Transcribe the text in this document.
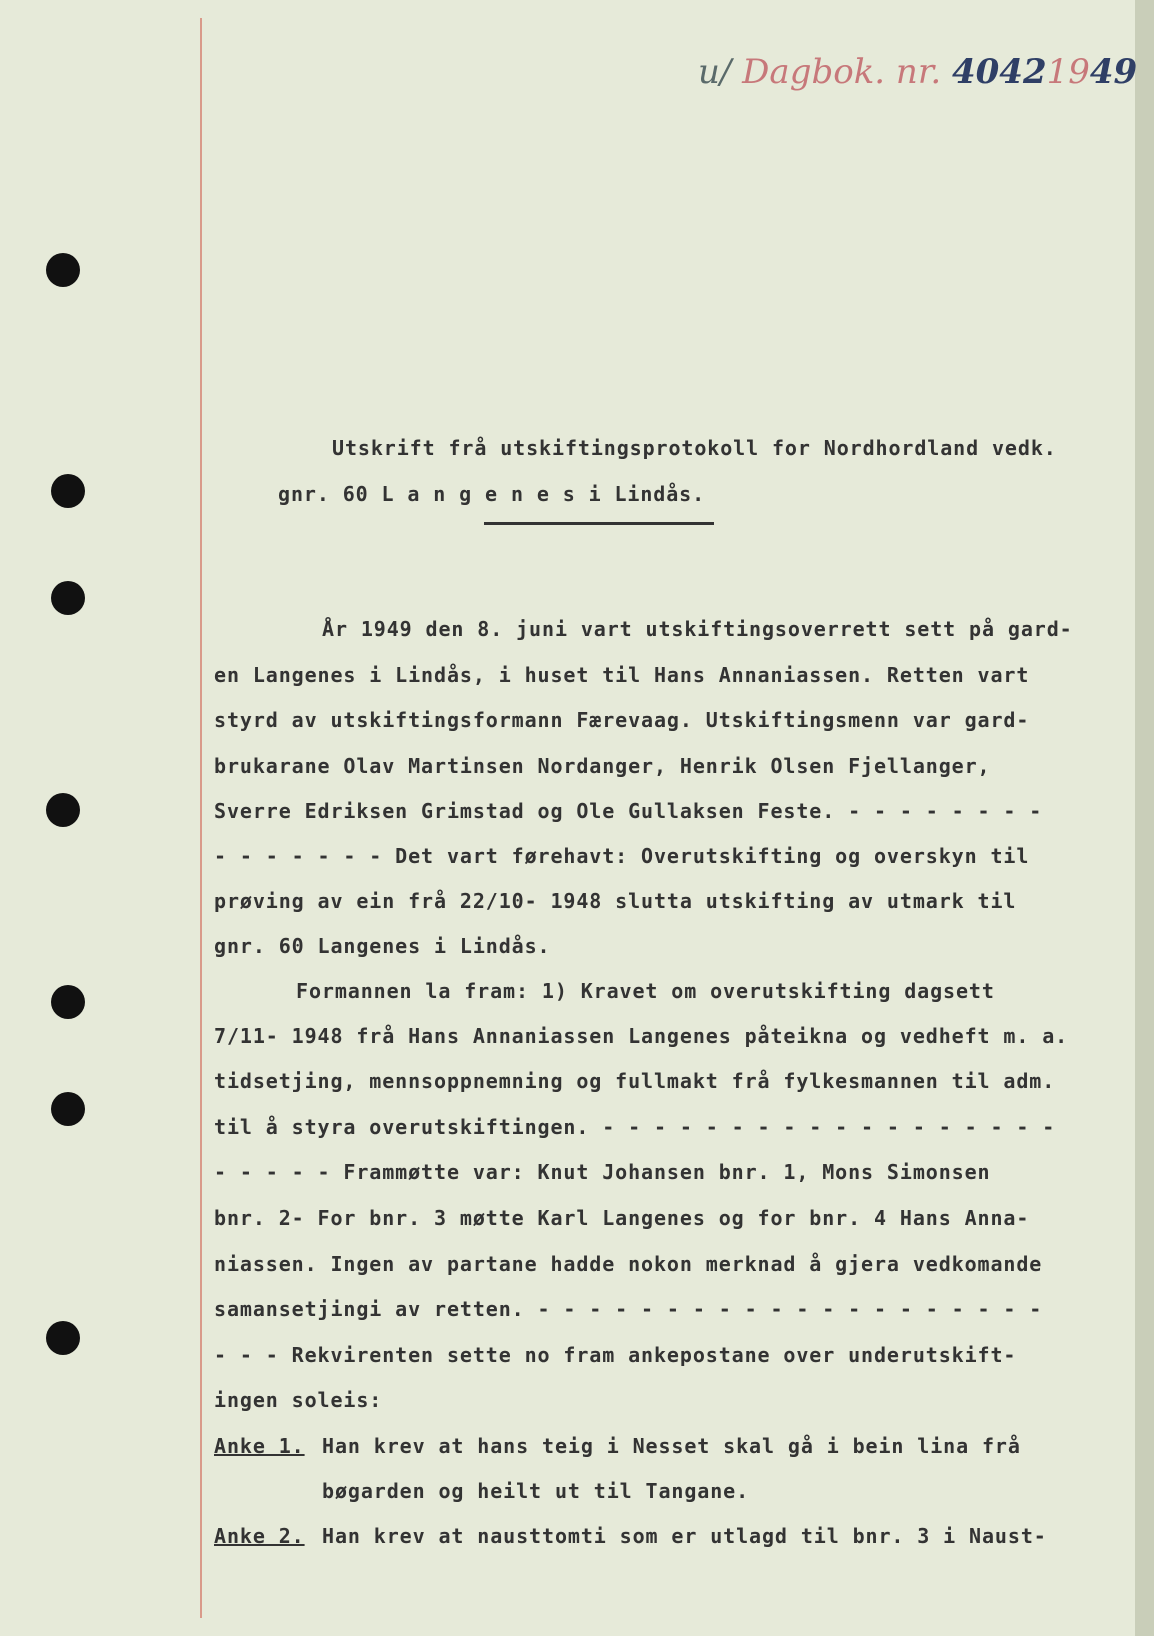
u/ Dagbok. nr. 40421949
Utskrift frå utskiftingsprotokoll for Nordhordland vedk.
gnr. 60 L a n g e n e s i Lindås.
År 1949 den 8. juni vart utskiftingsoverrett sett på gard-
en Langenes i Lindås, i huset til Hans Annaniassen. Retten vart
styrd av utskiftingsformann Færevaag. Utskiftingsmenn var gard-
brukarane Olav Martinsen Nordanger, Henrik Olsen Fjellanger,
Sverre Edriksen Grimstad og Ole Gullaksen Feste. - - - - - - - -
- - - - - - - Det vart førehavt: Overutskifting og overskyn til
prøving av ein frå 22/10- 1948 slutta utskifting av utmark til
gnr. 60 Langenes i Lindås.
Formannen la fram: 1) Kravet om overutskifting dagsett
7/11- 1948 frå Hans Annaniassen Langenes påteikna og vedheft m. a.
tidsetjing, mennsoppnemning og fullmakt frå fylkesmannen til adm.
til å styra overutskiftingen. - - - - - - - - - - - - - - - - - -
- - - - - Frammøtte var: Knut Johansen bnr. 1, Mons Simonsen
bnr. 2- For bnr. 3 møtte Karl Langenes og for bnr. 4 Hans Anna-
niassen. Ingen av partane hadde nokon merknad å gjera vedkomande
samansetjingi av retten. - - - - - - - - - - - - - - - - - - - -
- - - Rekvirenten sette no fram ankepostane over underutskift-
ingen soleis:
Anke 1. Han krev at hans teig i Nesset skal gå i bein lina frå
bøgarden og heilt ut til Tangane.
Anke 2. Han krev at nausttomti som er utlagd til bnr. 3 i Naust-
